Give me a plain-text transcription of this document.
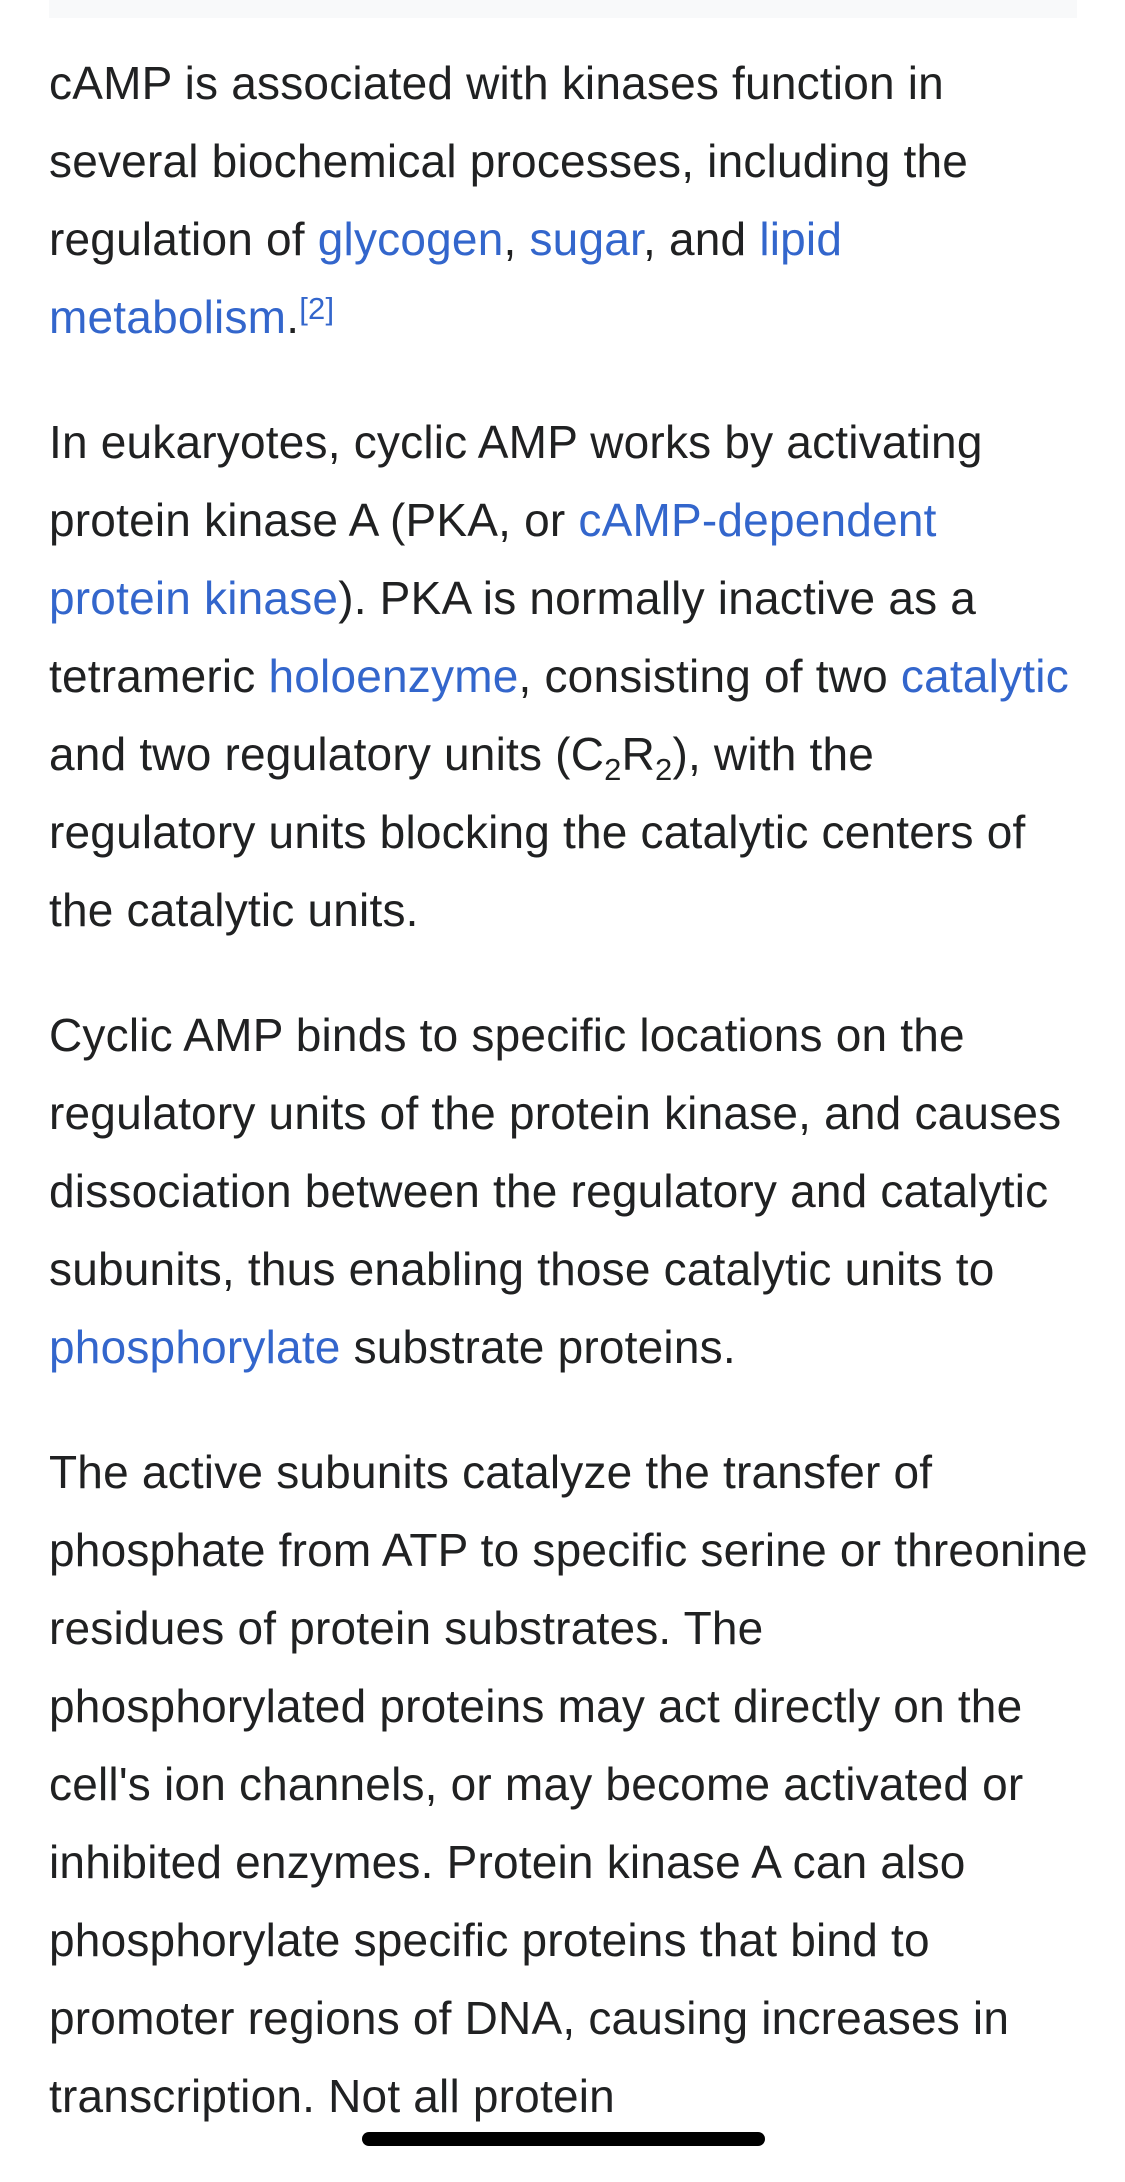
cAMP is associated with kinases function in several biochemical processes, including the regulation of glycogen, sugar, and lipid metabolism.[2]

In eukaryotes, cyclic AMP works by activating protein kinase A (PKA, or cAMP-dependent protein kinase). PKA is normally inactive as a tetrameric holoenzyme, consisting of two catalytic and two regulatory units $(C_2R_2)$, with the regulatory units blocking the catalytic centers of the catalytic units.

Cyclic AMP binds to specific locations on the regulatory units of the protein kinase, and causes dissociation between the regulatory and catalytic subunits, thus enabling those catalytic units to phosphorylate substrate proteins.

The active subunits catalyze the transfer of phosphate from ATP to specific serine or threonine residues of protein substrates. The phosphorylated proteins may act directly on the cell's ion channels, or may become activated or inhibited enzymes. Protein kinase A can also phosphorylate specific proteins that bind to promoter regions of DNA, causing increases in transcription. Not all protein
